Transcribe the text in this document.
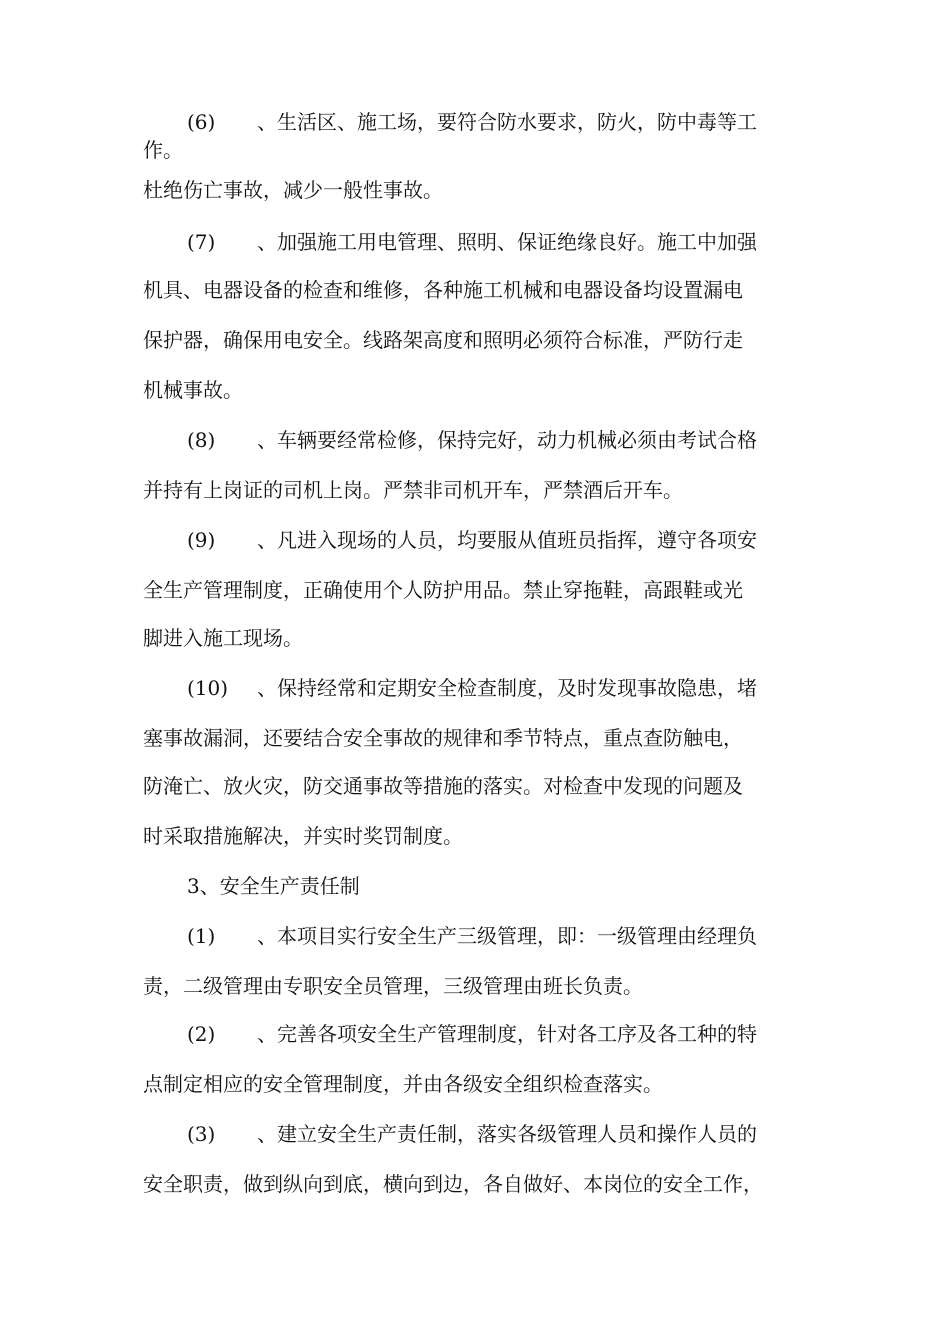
(6) 、生活区、施工场，要符合防水要求，防火，防中毒等工
作。
杜绝伤亡事故，减少一般性事故。
(7) 、加强施工用电管理、照明、保证绝缘良好。施工中加强
机具、电器设备的检查和维修，各种施工机械和电器设备均设置漏电
保护器，确保用电安全。线路架高度和照明必须符合标准，严防行走
机械事故。
(8) 、车辆要经常检修，保持完好，动力机械必须由考试合格
并持有上岗证的司机上岗。严禁非司机开车，严禁酒后开车。
(9) 、凡进入现场的人员，均要服从值班员指挥，遵守各项安
全生产管理制度，正确使用个人防护用品。禁止穿拖鞋，高跟鞋或光
脚进入施工现场。
(10) 、保持经常和定期安全检查制度，及时发现事故隐患，堵
塞事故漏洞，还要结合安全事故的规律和季节特点，重点查防触电，
防淹亡、放火灾，防交通事故等措施的落实。对检查中发现的问题及
时采取措施解决，并实时奖罚制度。
3、安全生产责任制
(1) 、本项目实行安全生产三级管理，即：一级管理由经理负
责，二级管理由专职安全员管理，三级管理由班长负责。
(2) 、完善各项安全生产管理制度，针对各工序及各工种的特
点制定相应的安全管理制度，并由各级安全组织检查落实。
(3) 、建立安全生产责任制，落实各级管理人员和操作人员的
安全职责，做到纵向到底，横向到边，各自做好、本岗位的安全工作，
